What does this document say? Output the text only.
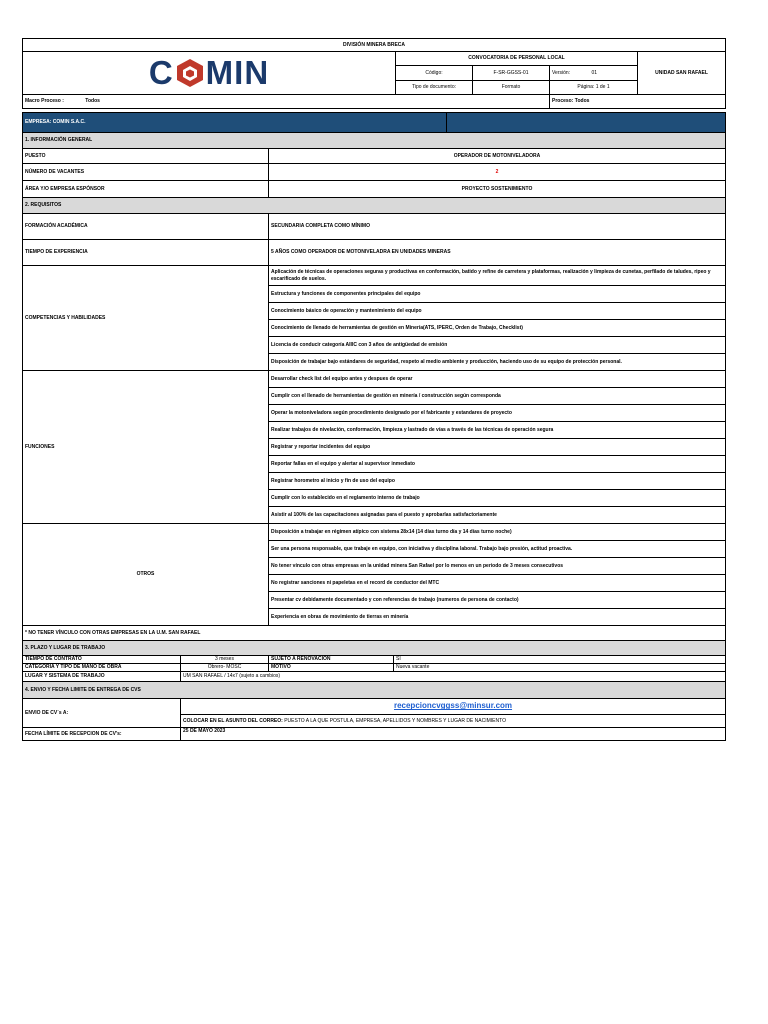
DIVISIÓN MINERA BRECA				

C MIN	CONVOCATORIA DE PERSONAL LOCAL			UNIDAD SAN RAFAEL
	Código:	F-SR-GGSS-01	Versión: 01	
	Tipo de documento:	Formato	Página: 1 de 1	
Macro Proceso : Todos			Proceso: Todos	
EMPRESA: COMIN S.A.C.				
1. INFORMACIÓN GENERAL				
PUESTO		OPERADOR DE MOTONIVELADORA		
NÚMERO DE VACANTES		2		
ÁREA Y/O EMPRESA ESPÓNSOR		PROYECTO SOSTENIMIENTO		
2. REQUISITOS				
FORMACIÓN ACADÉMICA		SECUNDARIA COMPLETA COMO MÍNIMO		
TIEMPO DE EXPERIENCIA		5 AÑOS COMO OPERADOR DE MOTONIVELADRA EN UNIDADES MINERAS		
COMPETENCIAS Y HABILIDADES		Aplicación de técnicas de operaciones seguras y productivas en conformación, batido y refine de carretera y plataformas, realización y limpieza de cunetas, perfilado de taludes, ripeo y escarificado de suelos.		
		Estructura y funciones de componentes principales del equipo		
		Conocimiento básico de operación y mantenimiento del equipo		
		Conocimiento de llenado de herramientas de gestión en Minería(ATS, IPERC, Orden de Trabajo, Checklist)		
		Licencia de conducir categoría AIIIC con 3 años de antigüedad de emisión		
		Disposición de trabajar bajo estándares de seguridad, respeto al medio ambiente y producción, haciendo uso de su equipo de protección personal.		
FUNCIONES		Desarrollar check list del equipo antes y despues de operar		
		Cumplir con el llenado de herramientas de gestión en minería / construcción según corresponda		
		Operar la motoniveladora según procedimiento designado por el fabricante y estandares de proyecto		
		Realizar trabajos de nivelación, conformación, limpieza y lastrado de vías a través de las técnicas de operación segura		
		Registrar y reportar incidentes del equipo		
		Reportar fallas en el equipo y alertar al supervisor inmediato		
		Registrar horometro al inicio y fin de uso del equipo		
		Cumplir con lo establecido en el reglamento interno de trabajo		
		Asistir al 100% de las capacitaciones asignadas para el puesto y aprobarlas satisfactoriamente		
OTROS		Disposición a trabajar en régimen atípico con sistema 28x14 (14 días turno día y 14 días turno noche)		
		Ser una persona responsable, que trabaje en equipo, con iniciativa y disciplina laboral. Trabajo bajo presión, actitud proactiva.		
		No tener vínculo con otras empresas en la unidad minera San Rafael por lo menos en un periodo de 3 meses consecutivos		
		No registrar sanciones ni papeletas en el record de conductor del MTC		
		Presentar cv debidamente documentado y con referencias de trabajo (numeros de persona de contacto)		
		Experiencia en obras de movimiento de tierras en minería		
* NO TENER VÍNCULO CON OTRAS EMPRESAS EN LA U.M. SAN RAFAEL				
3. PLAZO Y LUGAR DE TRABAJO				
TIEMPO DE CONTRATO	3 meses	SUJETO A RENOVACIÓN	SI	
CATEGORÍA Y TIPO DE MANO DE OBRA	Obrero- MOSC	MOTIVO	Nueva vacante	
LUGAR Y SISTEMA DE TRABAJO	UM SAN RAFAEL / 14x7 (sujeto a cambios)			
4. ENVIO Y FECHA LIMITE DE ENTREGA DE CVS				
ENVIO DE CV´s A:	recepcioncvggss@minsur.com			
	COLOCAR EN EL ASUNTO DEL CORREO: PUESTO A LA QUE POSTULA, EMPRESA, APELLIDOS Y NOMBRES Y LUGAR DE NACIMIENTO			
FECHA LÍMITE DE RECEPCION DE CV's:	25 DE MAYO 2023			
